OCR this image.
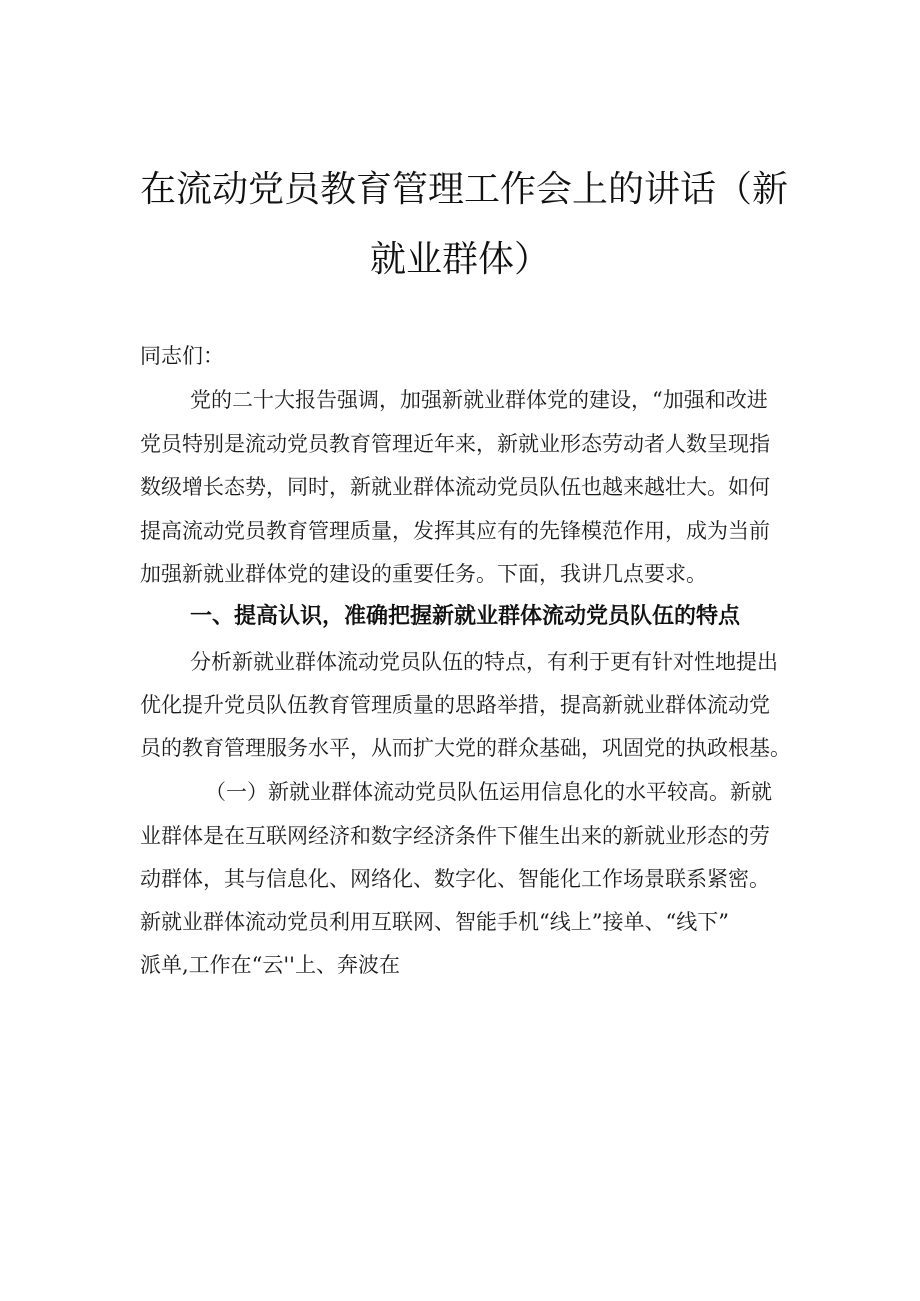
在流动党员教育管理工作会上的讲话（新
就业群体）
同志们：
党的二十大报告强调，加强新就业群体党的建设，“加强和改进
党员特别是流动党员教育管理近年来，新就业形态劳动者人数呈现指
数级增长态势，同时，新就业群体流动党员队伍也越来越壮大。如何
提高流动党员教育管理质量，发挥其应有的先锋模范作用，成为当前
加强新就业群体党的建设的重要任务。下面，我讲几点要求。
一、提高认识，准确把握新就业群体流动党员队伍的特点
分析新就业群体流动党员队伍的特点，有利于更有针对性地提出
优化提升党员队伍教育管理质量的思路举措，提高新就业群体流动党
员的教育管理服务水平，从而扩大党的群众基础，巩固党的执政根基。
（一）新就业群体流动党员队伍运用信息化的水平较高。新就
业群体是在互联网经济和数字经济条件下催生出来的新就业形态的劳
动群体，其与信息化、网络化、数字化、智能化工作场景联系紧密。
新就业群体流动党员利用互联网、智能手机“线上”接单、“线下”
派单,工作在“云''上、奔波在
